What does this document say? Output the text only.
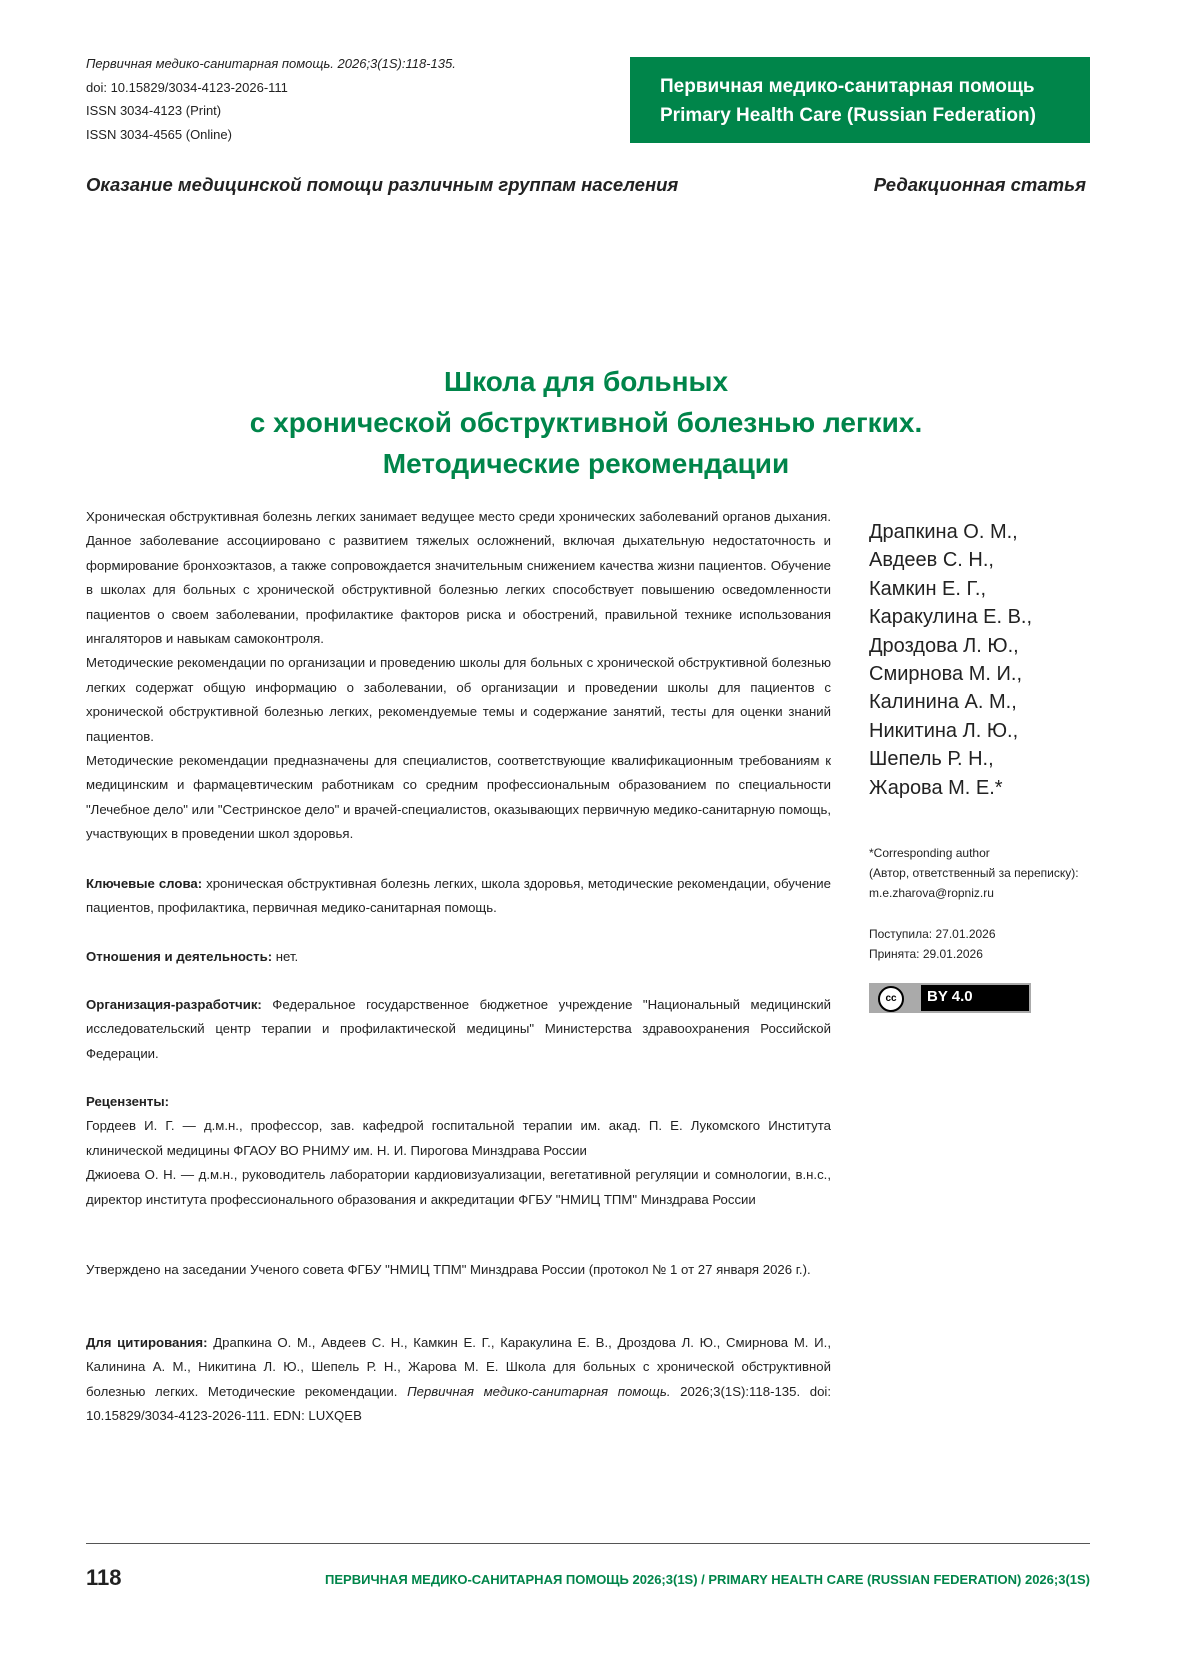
Первичная медико-санитарная помощь. 2026;3(1S):118-135.
doi: 10.15829/3034-4123-2026-111
ISSN 3034-4123 (Print)
ISSN 3034-4565 (Online)
Первичная медико-санитарная помощь
Primary Health Care (Russian Federation)
Оказание медицинской помощи различным группам населения	Редакционная статья
Школа для больных
с хронической обструктивной болезнью легких.
Методические рекомендации

Хроническая обструктивная болезнь легких занимает ведущее место среди хронических заболеваний органов дыхания. Данное заболевание ассоциировано с развитием тяжелых осложнений, включая дыхательную недостаточность и формирование бронхоэктазов, а также сопровождается значительным снижением качества жизни пациентов. Обучение в школах для больных с хронической обструктивной болезнью легких способствует повышению осведомленности пациентов о своем заболевании, профилактике факторов риска и обострений, правильной технике использования ингаляторов и навыкам самоконтроля.

Методические рекомендации по организации и проведению школы для больных с хронической обструктивной болезнью легких содержат общую информацию о заболевании, об организации и проведении школы для пациентов с хронической обструктивной болезнью легких, рекомендуемые темы и содержание занятий, тесты для оценки знаний пациентов.

Методические рекомендации предназначены для специалистов, соответствующие квалификационным требованиям к медицинским и фармацевтическим работникам со средним профессиональным образованием по специальности "Лечебное дело" или "Сестринское дело" и врачей-специалистов, оказывающих первичную медико-санитарную помощь, участвующих в проведении школ здоровья.

Ключевые слова: хроническая обструктивная болезнь легких, школа здоровья, методические рекомендации, обучение пациентов, профилактика, первичная медико-санитарная помощь.

Отношения и деятельность: нет.

Организация-разработчик: Федеральное государственное бюджетное учреждение "Национальный медицинский исследовательский центр терапии и профилактической медицины" Министерства здравоохранения Российской Федерации.

Рецензенты:

Гордеев И. Г. — д.м.н., профессор, зав. кафедрой госпитальной терапии им. акад. П. Е. Лукомского Института клинической медицины ФГАОУ ВО РНИМУ им. Н. И. Пирогова Минздрава России

Джиоева О. Н. — д.м.н., руководитель лаборатории кардиовизуализации, вегетативной регуляции и сомнологии, в.н.с., директор института профессионального образования и аккредитации ФГБУ "НМИЦ ТПМ" Минздрава России

Утверждено на заседании Ученого совета ФГБУ "НМИЦ ТПМ" Минздрава России (протокол № 1 от 27 января 2026 г.).

Для цитирования: Драпкина О. М., Авдеев С. Н., Камкин Е. Г., Каракулина Е. В., Дроздова Л. Ю., Смирнова М. И., Калинина А. М., Никитина Л. Ю., Шепель Р. Н., Жарова М. Е. Школа для больных с хронической обструктивной болезнью легких. Методические рекомендации. Первичная медико-санитарная помощь. 2026;3(1S):118-135. doi: 10.15829/3034-4123-2026-111. EDN: LUXQEB

Драпкина О. М.,
Авдеев С. Н.,
Камкин Е. Г.,
Каракулина Е. В.,
Дроздова Л. Ю.,
Смирнова М. И.,
Калинина А. М.,
Никитина Л. Ю.,
Шепель Р. Н.,
Жарова М. Е.*
*Corresponding author
(Автор, ответственный за переписку):
m.e.zharova@ropniz.ru
Поступила: 27.01.2026
Принята: 29.01.2026
cc	BY 4.0
118	ПЕРВИЧНАЯ МЕДИКО-САНИТАРНАЯ ПОМОЩЬ 2026;3(1S) / PRIMARY HEALTH CARE (RUSSIAN FEDERATION) 2026;3(1S)
